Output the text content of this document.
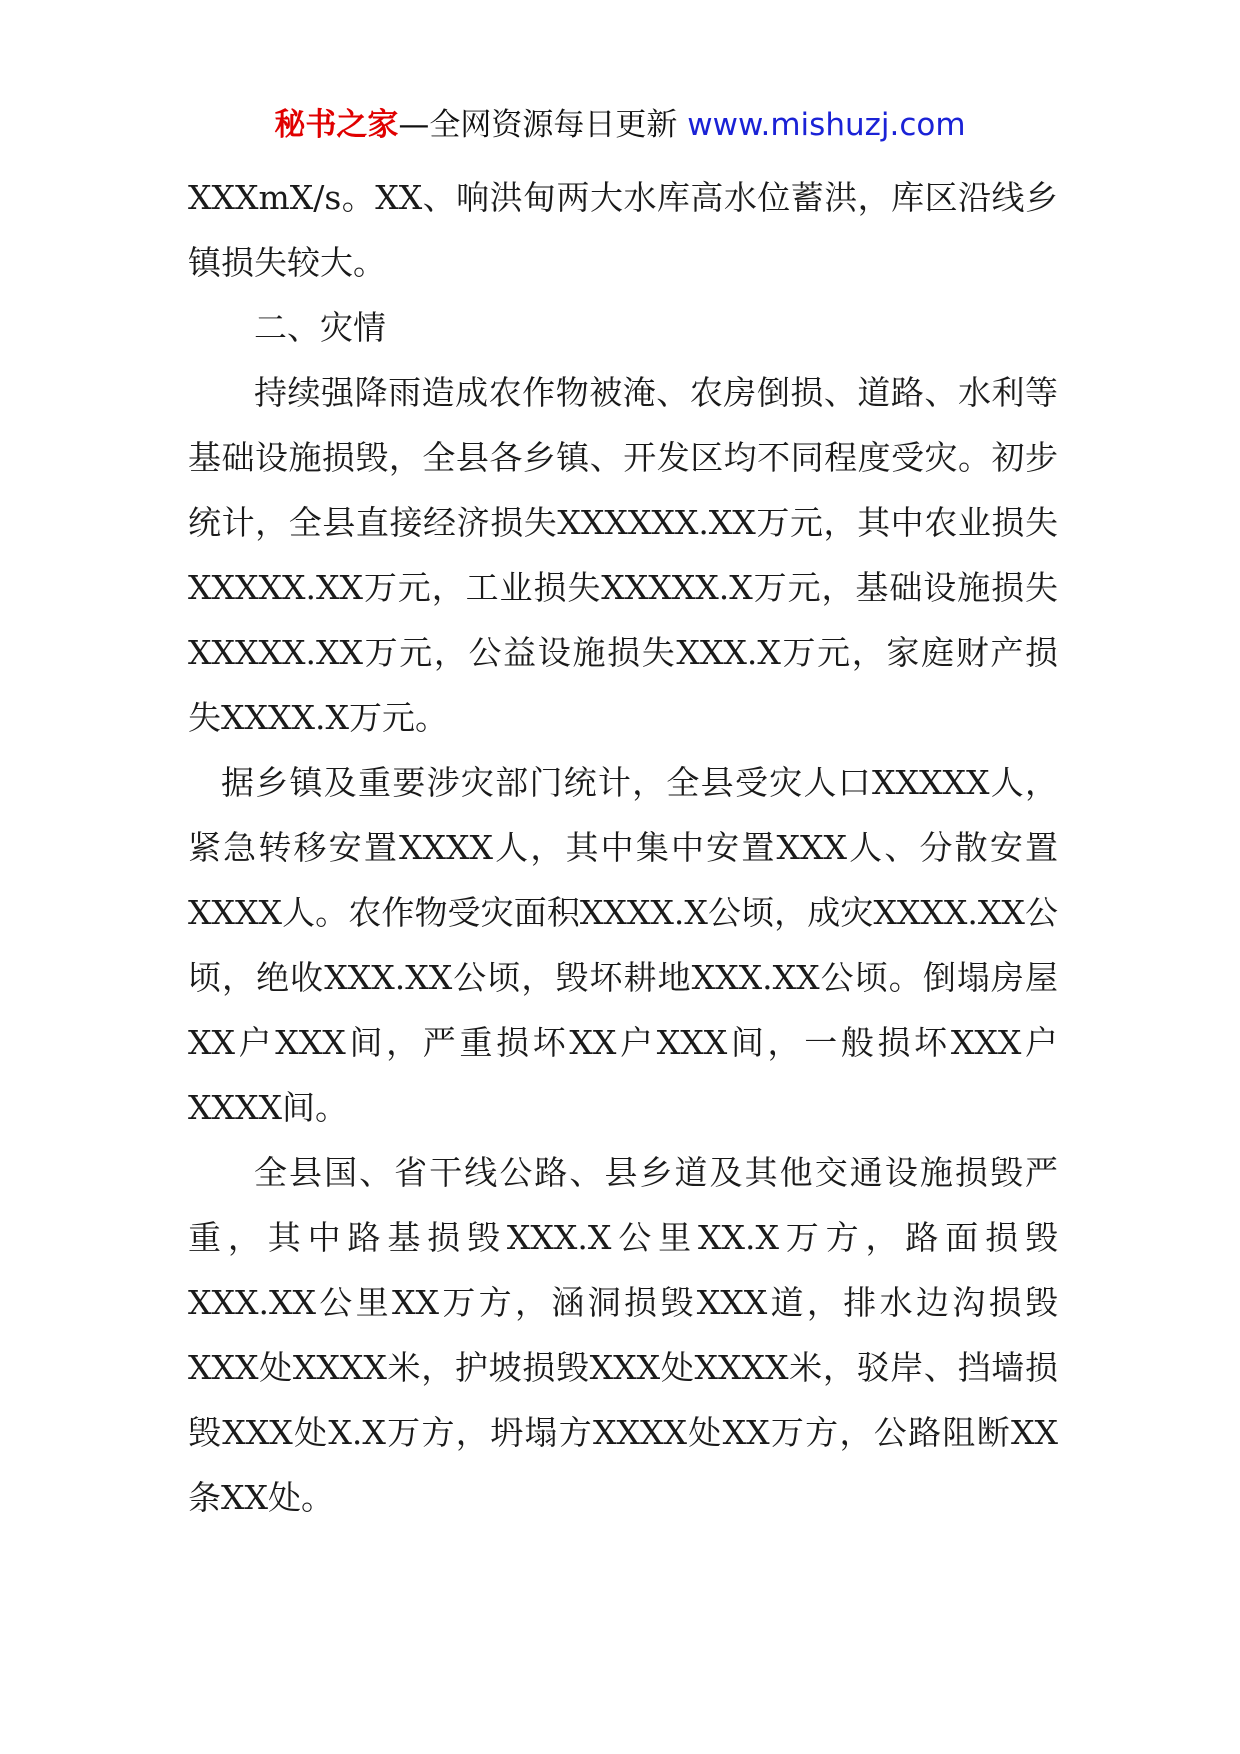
秘书之家—全网资源每日更新 www.mishuzj.com

XXXmX/s。XX、响洪甸两大水库高水位蓄洪，库区沿线乡镇损失较大。

二、灾情

持续强降雨造成农作物被淹、农房倒损、道路、水利等基础设施损毁，全县各乡镇、开发区均不同程度受灾。初步统计，全县直接经济损失XXXXXX.XX万元，其中农业损失XXXXX.XX万元，工业损失XXXXX.X万元，基础设施损失XXXXX.XX万元，公益设施损失XXX.X万元，家庭财产损失XXXX.X万元。

据乡镇及重要涉灾部门统计，全县受灾人口XXXXX人，紧急转移安置XXXX人，其中集中安置XXX人、分散安置XXXX人。农作物受灾面积XXXX.X公顷，成灾XXXX.XX公顷，绝收XXX.XX公顷，毁坏耕地XXX.XX公顷。倒塌房屋XX户XXX间，严重损坏XX户XXX间，一般损坏XXX户XXXX间。

全县国、省干线公路、县乡道及其他交通设施损毁严重，其中路基损毁XXX.X公里XX.X万方，路面损毁XXX.XX公里XX万方，涵洞损毁XXX道，排水边沟损毁XXX处XXXX米，护坡损毁XXX处XXXX米，驳岸、挡墙损毁XXX处X.X万方，坍塌方XXXX处XX万方，公路阻断XX条XX处。
